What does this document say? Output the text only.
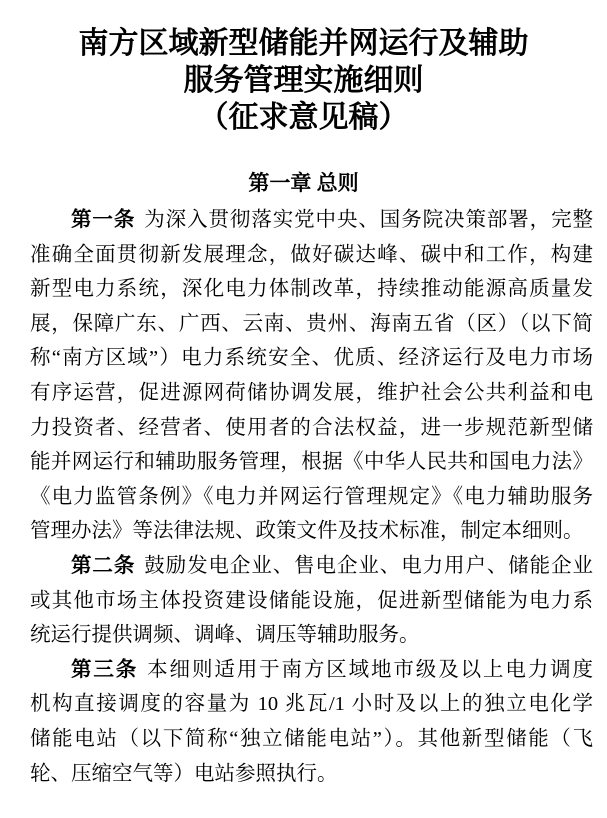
南方区域新型储能并网运行及辅助
服务管理实施细则
（征求意见稿）
第一章 总则
第一条 为深入贯彻落实党中央、国务院决策部署，完整
准确全面贯彻新发展理念，做好碳达峰、碳中和工作，构建
新型电力系统，深化电力体制改革，持续推动能源高质量发
展，保障广东、广西、云南、贵州、海南五省（区）（以下简
称“南方区域”）电力系统安全、优质、经济运行及电力市场
有序运营，促进源网荷储协调发展，维护社会公共利益和电
力投资者、经营者、使用者的合法权益，进一步规范新型储
能并网运行和辅助服务管理，根据《中华人民共和国电力法》
《电力监管条例》《电力并网运行管理规定》《电力辅助服务
管理办法》等法律法规、政策文件及技术标准，制定本细则。
第二条 鼓励发电企业、售电企业、电力用户、储能企业
或其他市场主体投资建设储能设施，促进新型储能为电力系
统运行提供调频、调峰、调压等辅助服务。
第三条 本细则适用于南方区域地市级及以上电力调度
机构直接调度的容量为 10 兆瓦/1 小时及以上的独立电化学
储能电站（以下简称“独立储能电站”）。其他新型储能（飞
轮、压缩空气等）电站参照执行。
